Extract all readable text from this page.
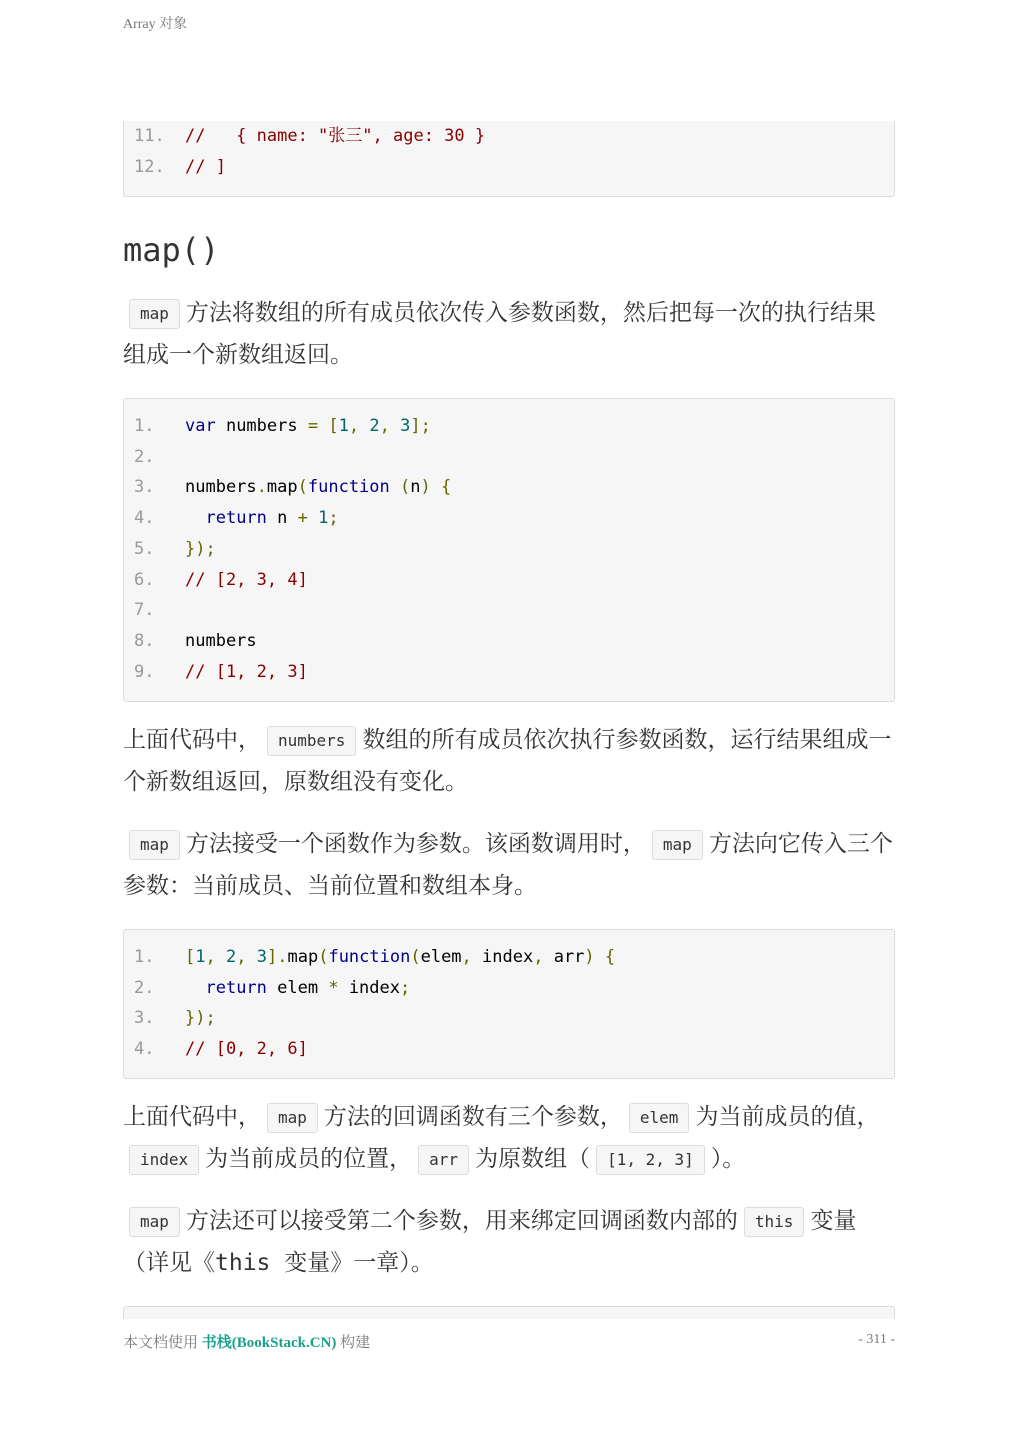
Array 对象
11.	//   { name: "张三", age: 30 }
12.	// ]
map()

map 方法将数组的所有成员依次传入参数函数，然后把每一次的执行结果组成一个新数组返回。

1.	var numbers = [1, 2, 3];
2.
3.	numbers.map(function (n) {
4.	return n + 1;
5.	});
6.	// [2, 3, 4]
7.
8.	numbers
9.	// [1, 2, 3]

上面代码中， numbers 数组的所有成员依次执行参数函数，运行结果组成一个新数组返回，原数组没有变化。

map 方法接受一个函数作为参数。该函数调用时， map 方法向它传入三个参数：当前成员、当前位置和数组本身。

1.	[1, 2, 3].map(function(elem, index, arr) {
2.	return elem * index;
3.	});
4.	// [0, 2, 6]

上面代码中， map 方法的回调函数有三个参数， elem 为当前成员的值，index 为当前成员的位置， arr 为原数组（ [1, 2, 3] ）。

map 方法还可以接受第二个参数，用来绑定回调函数内部的 this 变量（详见《this 变量》一章）。

本文档使用 书栈(BookStack.CN) 构建	- 311 -
